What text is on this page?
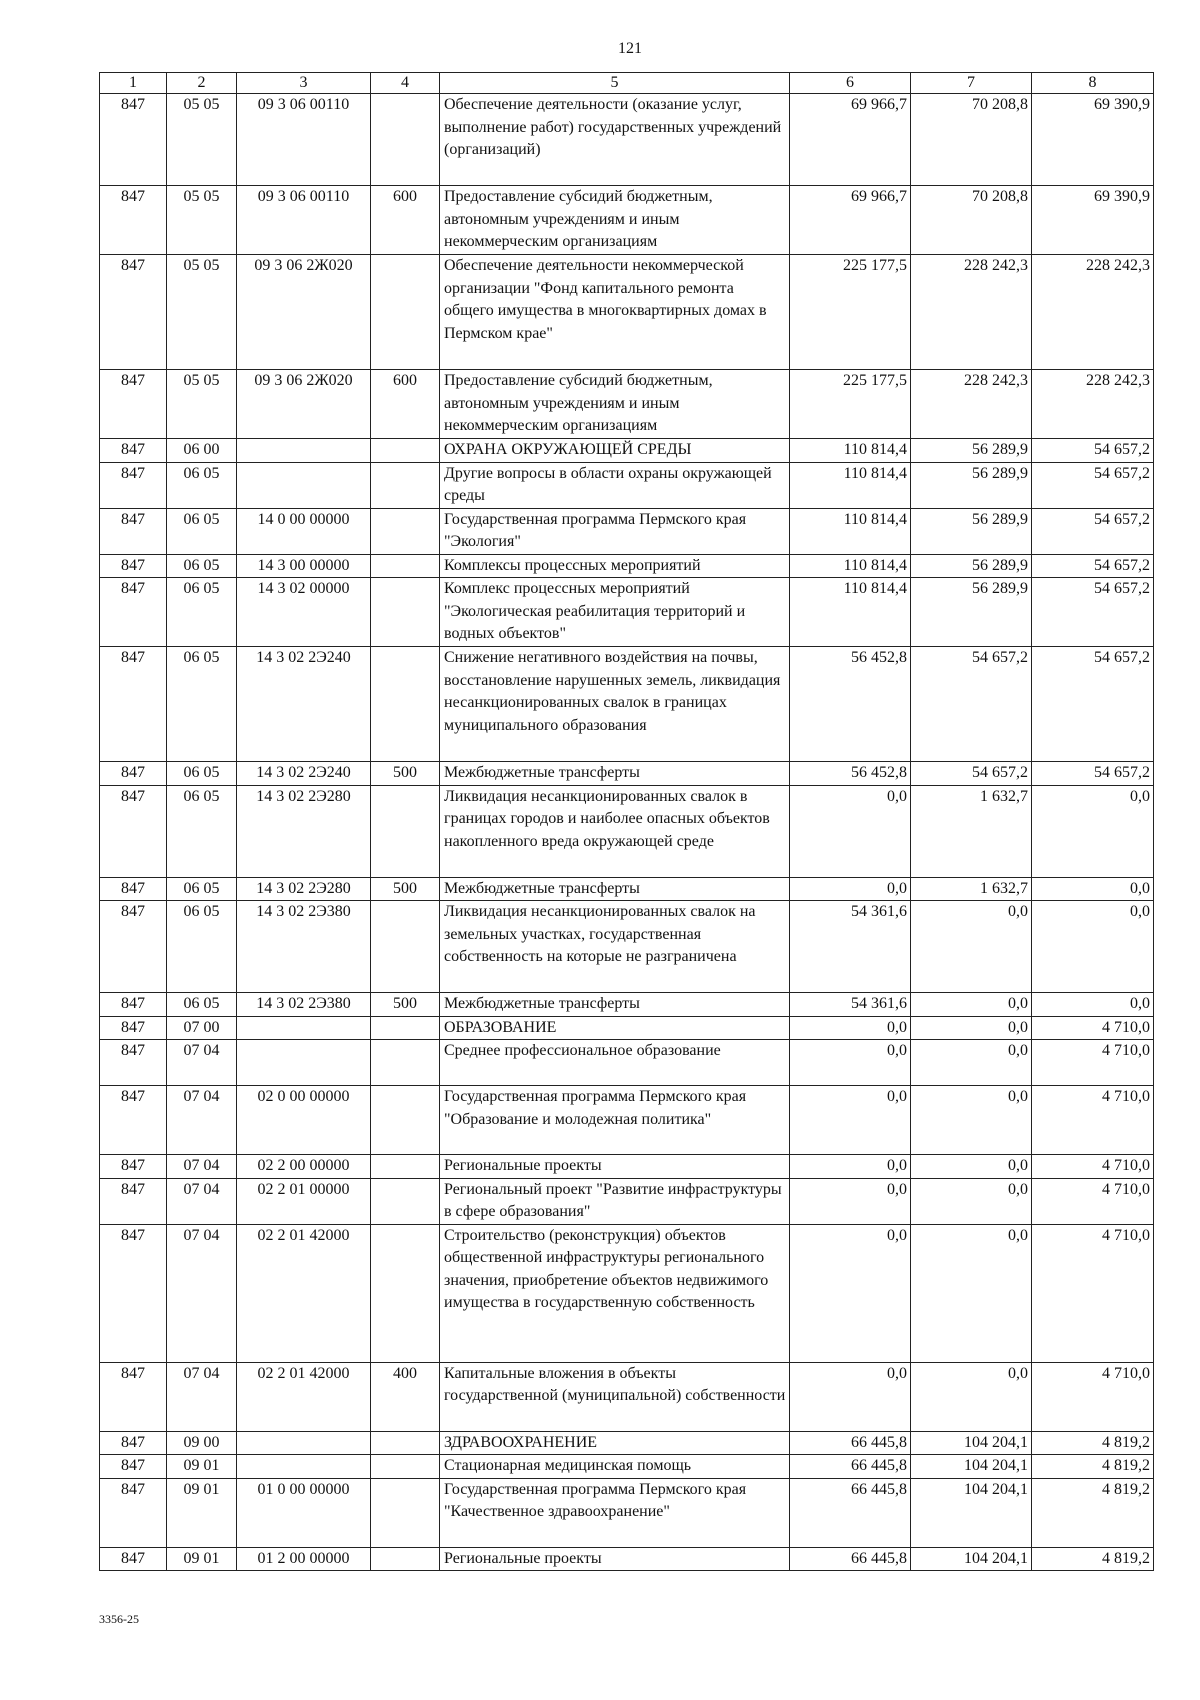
121
1	2	3	4	5	6	7	8
847	05 05	09 3 06 00110		Обеспечение деятельности (оказание услуг, выполнение работ) государственных учреждений (организаций)	69 966,7	70 208,8	69 390,9
847	05 05	09 3 06 00110	600	Предоставление субсидий бюджетным, автономным учреждениям и иным некоммерческим организациям	69 966,7	70 208,8	69 390,9
847	05 05	09 3 06 2Ж020		Обеспечение деятельности некоммерческой организации "Фонд капитального ремонта общего имущества в многоквартирных домах в Пермском крае"	225 177,5	228 242,3	228 242,3
847	05 05	09 3 06 2Ж020	600	Предоставление субсидий бюджетным, автономным учреждениям и иным некоммерческим организациям	225 177,5	228 242,3	228 242,3
847	06 00			ОХРАНА ОКРУЖАЮЩЕЙ СРЕДЫ	110 814,4	56 289,9	54 657,2
847	06 05			Другие вопросы в области охраны окружающей среды	110 814,4	56 289,9	54 657,2
847	06 05	14 0 00 00000		Государственная программа Пермского края "Экология"	110 814,4	56 289,9	54 657,2
847	06 05	14 3 00 00000		Комплексы процессных мероприятий	110 814,4	56 289,9	54 657,2
847	06 05	14 3 02 00000		Комплекс процессных мероприятий "Экологическая реабилитация территорий и водных объектов"	110 814,4	56 289,9	54 657,2
847	06 05	14 3 02 2Э240		Снижение негативного воздействия на почвы, восстановление нарушенных земель, ликвидация несанкционированных свалок в границах муниципального образования	56 452,8	54 657,2	54 657,2
847	06 05	14 3 02 2Э240	500	Межбюджетные трансферты	56 452,8	54 657,2	54 657,2
847	06 05	14 3 02 2Э280		Ликвидация несанкционированных свалок в границах городов и наиболее опасных объектов накопленного вреда окружающей среде	0,0	1 632,7	0,0
847	06 05	14 3 02 2Э280	500	Межбюджетные трансферты	0,0	1 632,7	0,0
847	06 05	14 3 02 2Э380		Ликвидация несанкционированных свалок на земельных участках, государственная собственность на которые не разграничена	54 361,6	0,0	0,0
847	06 05	14 3 02 2Э380	500	Межбюджетные трансферты	54 361,6	0,0	0,0
847	07 00			ОБРАЗОВАНИЕ	0,0	0,0	4 710,0
847	07 04			Среднее профессиональное образование	0,0	0,0	4 710,0
847	07 04	02 0 00 00000		Государственная программа Пермского края "Образование и молодежная политика"	0,0	0,0	4 710,0
847	07 04	02 2 00 00000		Региональные проекты	0,0	0,0	4 710,0
847	07 04	02 2 01 00000		Региональный проект "Развитие инфраструктуры в сфере образования"	0,0	0,0	4 710,0
847	07 04	02 2 01 42000		Строительство (реконструкция) объектов общественной инфраструктуры регионального значения, приобретение объектов недвижимого имущества в государственную собственность	0,0	0,0	4 710,0
847	07 04	02 2 01 42000	400	Капитальные вложения в объекты государственной (муниципальной) собственности	0,0	0,0	4 710,0
847	09 00			ЗДРАВООХРАНЕНИЕ	66 445,8	104 204,1	4 819,2
847	09 01			Стационарная медицинская помощь	66 445,8	104 204,1	4 819,2
847	09 01	01 0 00 00000		Государственная программа Пермского края "Качественное здравоохранение"	66 445,8	104 204,1	4 819,2
847	09 01	01 2 00 00000		Региональные проекты	66 445,8	104 204,1	4 819,2
3356-25
